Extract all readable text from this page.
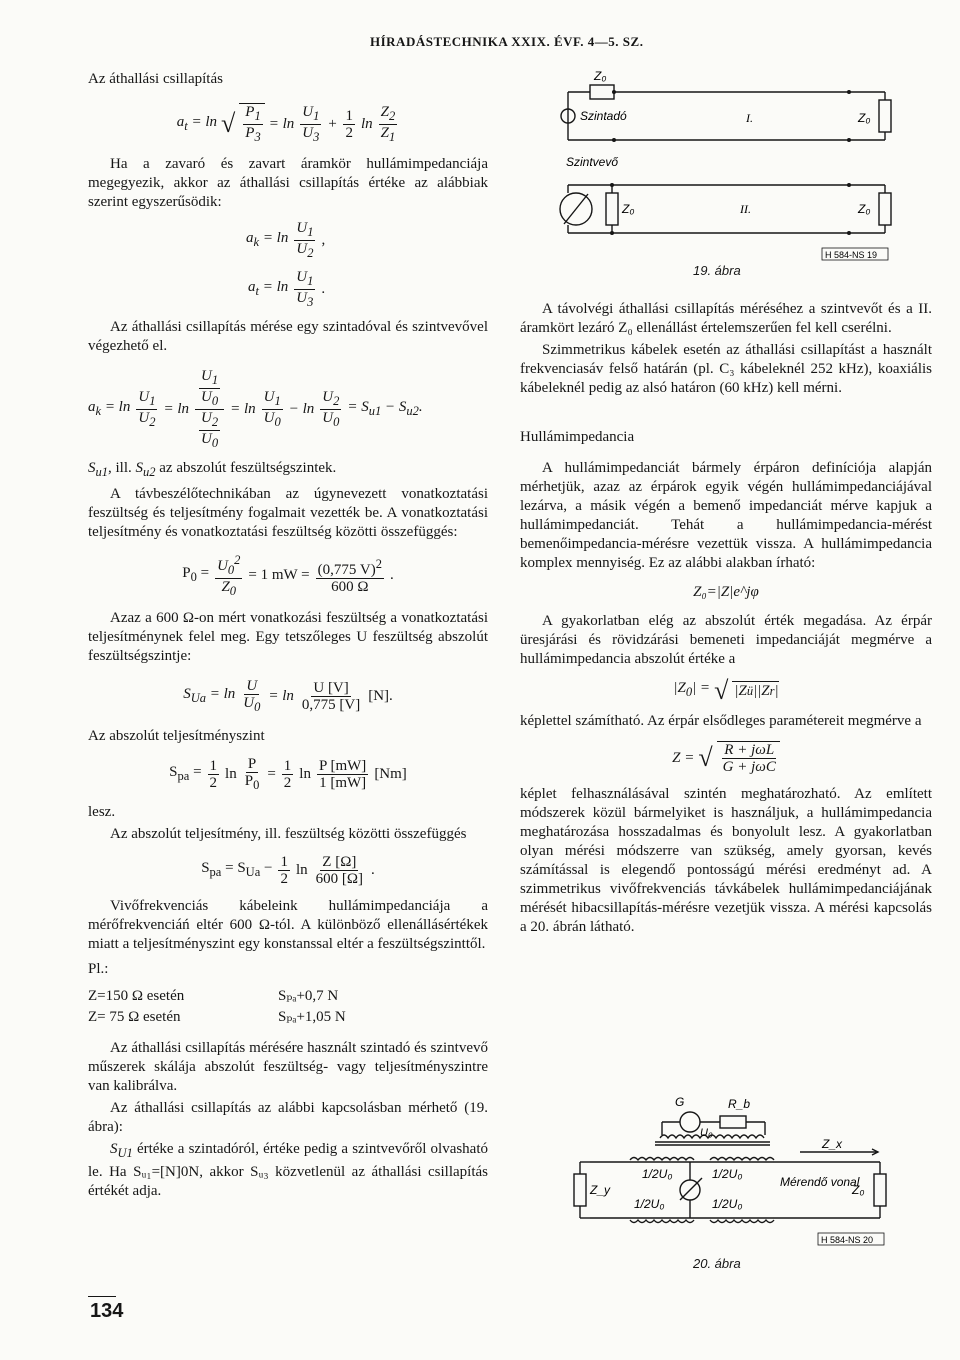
HÍRADÁSTECHNIKA XXIX. ÉVF. 4—5. SZ.

Az áthallási csillapítás

$a_t = \ln$ √ $\frac{P_1}{P_3} = \ln \frac{U_1}{U_3} + \frac{1}{2}$ $\ln \frac{Z_2}{Z_1}$

Ha a zavaró és zavart áramkör hullámimpedanciája megegyezik, akkor az áthallási csillapítás értéke az alábbiak szerint egyszerűsödik:

$a_k = \ln \frac{U_1}{U_2}$ ,
$a_t = \ln \frac{U_1}{U_3}$ .

Az áthallási csillapítás mérése egy szintadóval és szintvevővel végezhető el.

$a_k = \ln \frac{U_1}{U_2} = \ln \frac{\frac{U_1}{U_0}}{\frac{U_2}{U_0}} = \ln \frac{U_1}{U_0} - \ln \frac{U_2}{U_0} = S_{u1} - S_{u2}$.

$S_{u1}$, ill. $S_{u2}$ az abszolút feszültségszintek.

A távbeszélőtechnikában az úgynevezett vonatkoztatási feszültség és teljesítmény fogalmait vezették be. A vonatkoztatási teljesítmény és vonatkoztatási feszültség közötti összefüggés:

$P_0 = \frac{U_0^2}{Z_0} = 1$ mW = $\frac{(0,775 V)^2}{600 \Omega}$ .

Azaz a 600 Ω-on mért vonatkozási feszültség a vonatkoztatási teljesítménynek felel meg. Egy tetszőleges U feszültség abszolút feszültségszintje:

$S_{Ua} = \ln \frac{U}{U_0} = \ln \frac{U [V]}{0,775 [V]} [N]$.

Az abszolút teljesítményszint

$S_{pa} = \frac{1}{2}$ $\ln \frac{P}{P_0} = \frac{1}{2}$ $\ln \frac{P [mW]}{1 [mW]} [Nm]$

lesz.

Az abszolút teljesítmény, ill. feszültség közötti összefüggés

$S_{pa} = S_{Ua} - \frac{1}{2}$ $\ln \frac{Z [\Omega]}{600 [\Omega]}$ .

Vivőfrekvenciás kábeleink hullámimpedanciája a mérőfrekvenciáń eltér 600 Ω-tól. A különböző ellenállásértékek miatt a teljesítményszint egy konstanssal eltér a feszültségszinttől.

Pl.:

Z=150 Ω esetén	Sₚₐ+0,7 N
Z= 75 Ω esetén	Sₚₐ+1,05 N

Az áthallási csillapítás mérésére használt szintadó és szintvevő műszerek skálája abszolút feszültség- vagy teljesítményszintre van kalibrálva.

Az áthallási csillapítás az alábbi kapcsolásban mérhető (19. ábra):

$S_{U1}$ értéke a szintadóról, értéke pedig a szintvevőről olvasható le. Ha Sᵤ₁=[N]0N, akkor Sᵤ₃ közvetlenül az áthallási csillapítás értékét adja.

134
Z₀
Szintadó	I.	Z₀
Szintvevő
Z₀	II.	Z₀
H 584-NS 19
19. ábra

A távolvégi áthallási csillapítás méréséhez a szintvevőt és a II. áramkört lezáró Z₀ ellenállást értelemszerűen fel kell cserélni.

Szimmetrikus kábelek esetén az áthallási csillapítást a használt frekvenciasáv felső határán (pl. C₃ kábeleknél 252 kHz), koaxiális kábeleknél pedig az alsó határon (60 kHz) kell mérni.

Hullámimpedancia

A hullámimpedanciát bármely érpáron definíciója alapján mérhetjük, azaz az érpárok egyik végén hullámimpedanciájával lezárva, a másik végén a bemenő impedanciát mérve kapjuk a hullámimpedanciát. Tehát a hullámimpedancia-mérést bemenőimpedancia-mérésre vezettük vissza. A hullámimpedancia komplex mennyiség. Ez az alábbi alakban írható:

Z₀=|Z|e^jφ

A gyakorlatban elég az abszolút érték megadása. Az érpár üresjárási és rövidzárási bemeneti impedanciáját megmérve a hullámimpedancia abszolút értéke a

$|Z_0|$ = √ |Z ü ||Z r |

képlettel számítható. Az érpár elsődleges paramétereit megmérve a

Z = √ $\frac{\text{R + jωL}}{\text{G + jωC}}$

képlet felhasználásával szintén meghatározható. Az említett módszerek közül bármelyiket is használjuk, a hullámimpedancia meghatározása hosszadalmas és bonyolult lesz. A gyakorlatban olyan mérési módszerre van szükség, amely gyorsan, kevés számítással is elegendő pontosságú mérési eredményt ad. A szimmetrikus vivőfrekvenciás távkábelek hullámimpedanciájának mérését hibacsillapítás-mérésre vezetjük vissza. A mérési kapcsolás a 20. ábrán látható.

G	R_b
U₀
Z_x
Z_y
1/2U₀	1/2U₀
1/2U₀	1/2U₀
Mérendő vonal
Z₀
H 584-NS 20
20. ábra
